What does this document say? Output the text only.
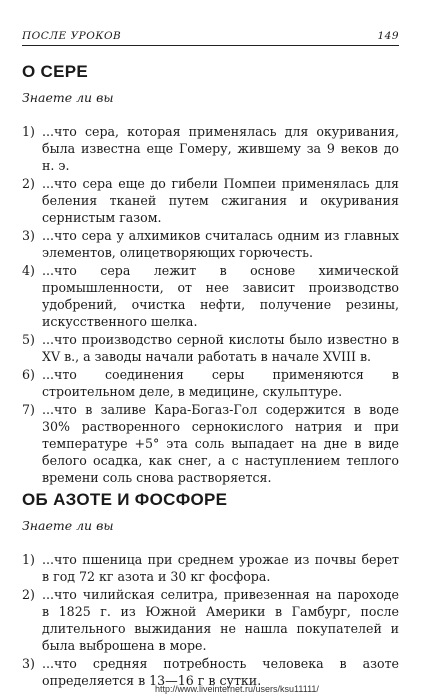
ПОСЛЕ УРОКОВ	149
О СЕРЕ

Знаете ли вы

1) ...что сера, которая применялась для окуривания, была известна еще Гомеру, жившему за 9 веков до н. э.
2) ...что сера еще до гибели Помпеи применялась для беления тканей путем сжигания и окуривания сернистым газом.
3) ...что сера у алхимиков считалась одним из главных элементов, олицетворяющих горючесть.
4) ...что сера лежит в основе химической промышленности, от нее зависит производство удобрений, очистка нефти, получение резины, искусственного шелка.
5) ...что производство серной кислоты было известно в XV в., а заводы начали работать в начале XVIII в.
6) ...что соединения серы применяются в строительном деле, в медицине, скульптуре.
7) ...что в заливе Кара-Богаз-Гол содержится в воде 30% растворенного сернокислого натрия и при температуре +5° эта соль выпадает на дне в виде белого осадка, как снег, а с наступлением теплого времени соль снова растворяется.
ОБ АЗОТЕ И ФОСФОРЕ

Знаете ли вы

1) ...что пшеница при среднем урожае из почвы берет в год 72 кг азота и 30 кг фосфора.
2) ...что чилийская селитра, привезенная на пароходе в 1825 г. из Южной Америки в Гамбург, после длительного выжидания не нашла покупателей и была выброшена в море.
3) ...что средняя потребность человека в азоте определяется в 13—16 г в сутки.
http://www.liveinternet.ru/users/ksu11111/
